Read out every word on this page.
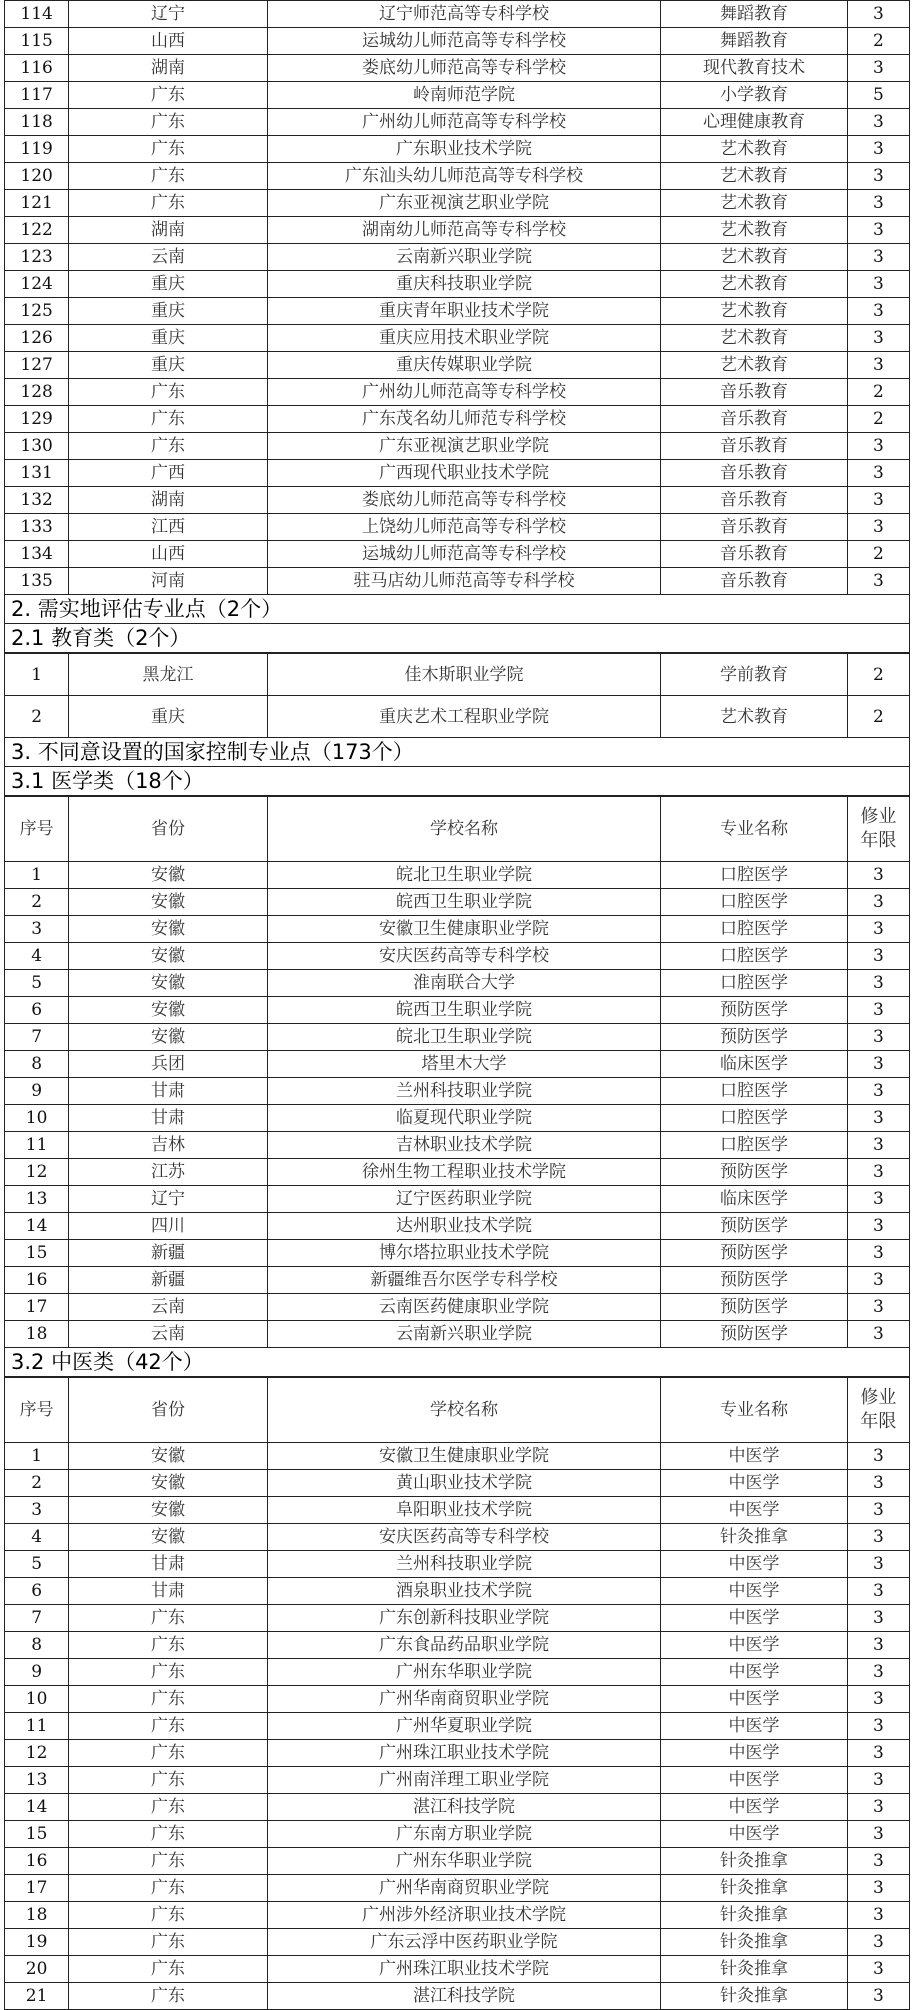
114	辽宁	辽宁师范高等专科学校	舞蹈教育	3
115	山西	运城幼儿师范高等专科学校	舞蹈教育	2
116	湖南	娄底幼儿师范高等专科学校	现代教育技术	3
117	广东	岭南师范学院	小学教育	5
118	广东	广州幼儿师范高等专科学校	心理健康教育	3
119	广东	广东职业技术学院	艺术教育	3
120	广东	广东汕头幼儿师范高等专科学校	艺术教育	3
121	广东	广东亚视演艺职业学院	艺术教育	3
122	湖南	湖南幼儿师范高等专科学校	艺术教育	3
123	云南	云南新兴职业学院	艺术教育	3
124	重庆	重庆科技职业学院	艺术教育	3
125	重庆	重庆青年职业技术学院	艺术教育	3
126	重庆	重庆应用技术职业学院	艺术教育	3
127	重庆	重庆传媒职业学院	艺术教育	3
128	广东	广州幼儿师范高等专科学校	音乐教育	2
129	广东	广东茂名幼儿师范专科学校	音乐教育	2
130	广东	广东亚视演艺职业学院	音乐教育	3
131	广西	广西现代职业技术学院	音乐教育	3
132	湖南	娄底幼儿师范高等专科学校	音乐教育	3
133	江西	上饶幼儿师范高等专科学校	音乐教育	3
134	山西	运城幼儿师范高等专科学校	音乐教育	2
135	河南	驻马店幼儿师范高等专科学校	音乐教育	3
2. 需实地评估专业点（2个）
2.1 教育类（2个）
1	黑龙江	佳木斯职业学院	学前教育	2
2	重庆	重庆艺术工程职业学院	艺术教育	2
3. 不同意设置的国家控制专业点（173个）
3.1 医学类（18个）
序号	省份	学校名称	专业名称	修业
年限
1	安徽	皖北卫生职业学院	口腔医学	3
2	安徽	皖西卫生职业学院	口腔医学	3
3	安徽	安徽卫生健康职业学院	口腔医学	3
4	安徽	安庆医药高等专科学校	口腔医学	3
5	安徽	淮南联合大学	口腔医学	3
6	安徽	皖西卫生职业学院	预防医学	3
7	安徽	皖北卫生职业学院	预防医学	3
8	兵团	塔里木大学	临床医学	3
9	甘肃	兰州科技职业学院	口腔医学	3
10	甘肃	临夏现代职业学院	口腔医学	3
11	吉林	吉林职业技术学院	口腔医学	3
12	江苏	徐州生物工程职业技术学院	预防医学	3
13	辽宁	辽宁医药职业学院	临床医学	3
14	四川	达州职业技术学院	预防医学	3
15	新疆	博尔塔拉职业技术学院	预防医学	3
16	新疆	新疆维吾尔医学专科学校	预防医学	3
17	云南	云南医药健康职业学院	预防医学	3
18	云南	云南新兴职业学院	预防医学	3
3.2 中医类（42个）
序号	省份	学校名称	专业名称	修业
年限
1	安徽	安徽卫生健康职业学院	中医学	3
2	安徽	黄山职业技术学院	中医学	3
3	安徽	阜阳职业技术学院	中医学	3
4	安徽	安庆医药高等专科学校	针灸推拿	3
5	甘肃	兰州科技职业学院	中医学	3
6	甘肃	酒泉职业技术学院	中医学	3
7	广东	广东创新科技职业学院	中医学	3
8	广东	广东食品药品职业学院	中医学	3
9	广东	广州东华职业学院	中医学	3
10	广东	广州华南商贸职业学院	中医学	3
11	广东	广州华夏职业学院	中医学	3
12	广东	广州珠江职业技术学院	中医学	3
13	广东	广州南洋理工职业学院	中医学	3
14	广东	湛江科技学院	中医学	3
15	广东	广东南方职业学院	中医学	3
16	广东	广州东华职业学院	针灸推拿	3
17	广东	广州华南商贸职业学院	针灸推拿	3
18	广东	广州涉外经济职业技术学院	针灸推拿	3
19	广东	广东云浮中医药职业学院	针灸推拿	3
20	广东	广州珠江职业技术学院	针灸推拿	3
21	广东	湛江科技学院	针灸推拿	3
